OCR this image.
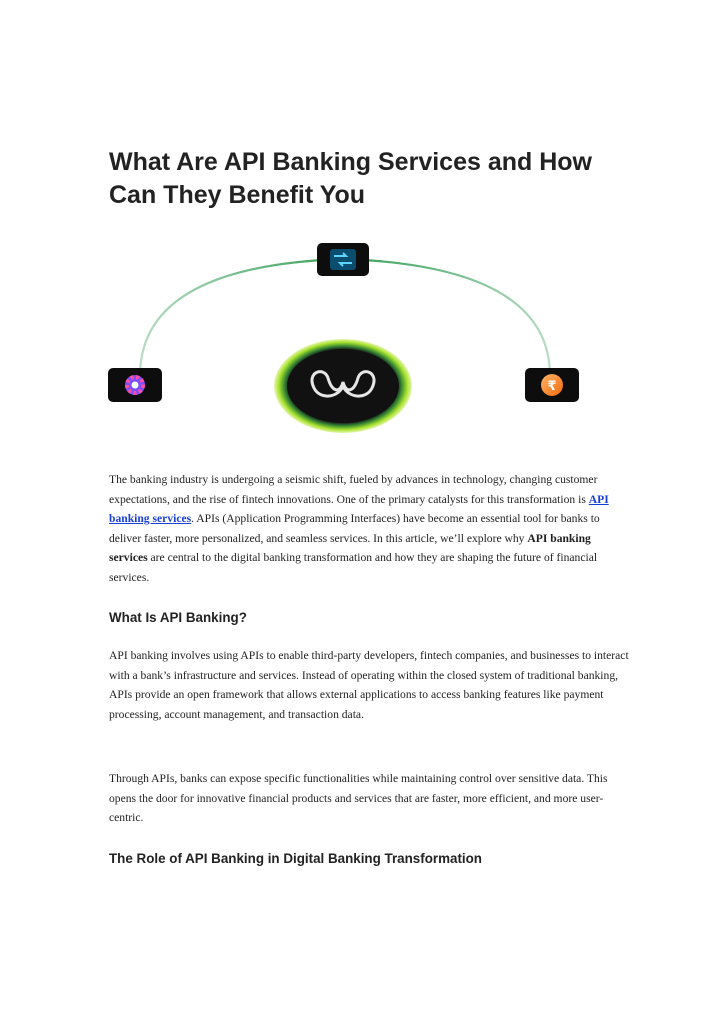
What Are API Banking Services and How Can They Benefit You
₹

The banking industry is undergoing a seismic shift, fueled by advances in technology, changing customer expectations, and the rise of fintech innovations. One of the primary catalysts for this transformation is API banking services. APIs (Application Programming Interfaces) have become an essential tool for banks to deliver faster, more personalized, and seamless services. In this article, we’ll explore why API banking services are central to the digital banking transformation and how they are shaping the future of financial services.

What Is API Banking?

API banking involves using APIs to enable third-party developers, fintech companies, and businesses to interact with a bank’s infrastructure and services. Instead of operating within the closed system of traditional banking, APIs provide an open framework that allows external applications to access banking features like payment processing, account management, and transaction data.

Through APIs, banks can expose specific functionalities while maintaining control over sensitive data. This opens the door for innovative financial products and services that are faster, more efficient, and more user-centric.

The Role of API Banking in Digital Banking Transformation
